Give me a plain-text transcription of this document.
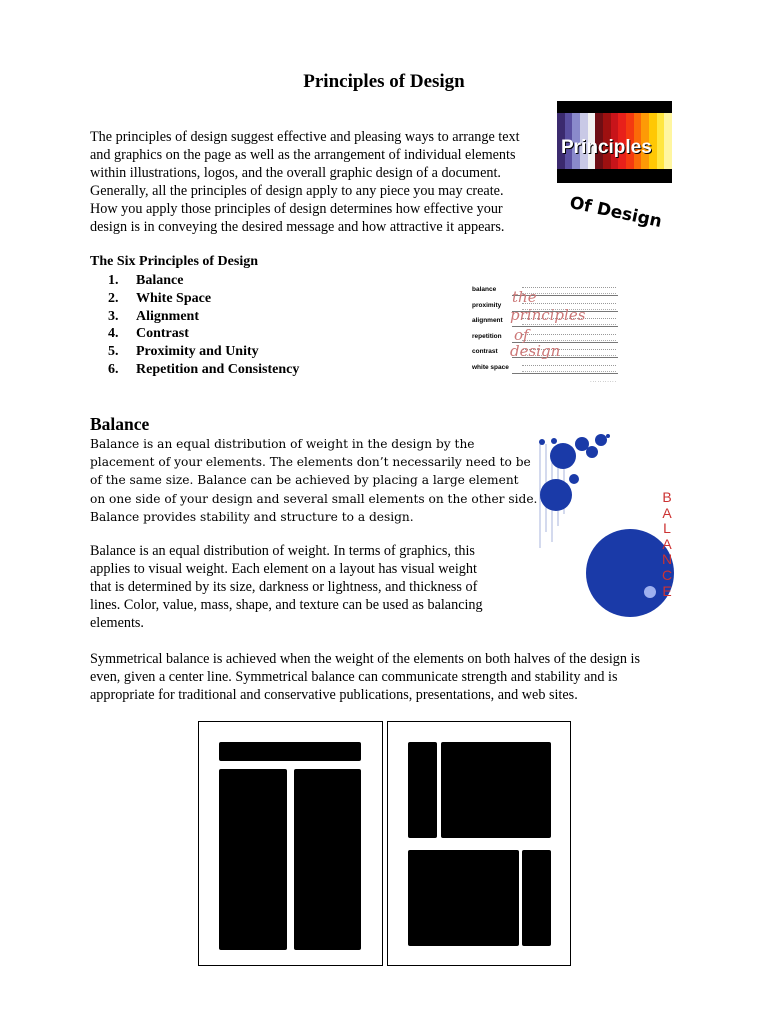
Principles of Design
The principles of design suggest effective and pleasing ways to arrange text
and graphics on the page as well as the arrangement of individual elements
within illustrations, logos, and the overall graphic design of a document.
Generally, all the principles of design apply to any piece you may create.
How you apply those principles of design determines how effective your
design is in conveying the desired message and how attractive it appears.
Principles
Of Design
The Six Principles of Design
1. Balance
2. White Space
3. Alignment
4. Contrast
5. Proximity and Unity
6. Repetition and Consistency
· · · · · · · · · · ·
balance
proximity
alignment
repetition
contrast
white space
the
principles
of
design
Balance
Balance is an equal distribution of weight in the design by the
placement of your elements. The elements don’t necessarily need to be
of the same size. Balance can be achieved by placing a large element
on one side of your design and several small elements on the other side.
Balance provides stability and structure to a design.
Balance is an equal distribution of weight. In terms of graphics, this
applies to visual weight. Each element on a layout has visual weight
that is determined by its size, darkness or lightness, and thickness of
lines. Color, value, mass, shape, and texture can be used as balancing
elements.
B
A
L
A
N
C
E
Symmetrical balance is achieved when the weight of the elements on both halves of the design is
even, given a center line. Symmetrical balance can communicate strength and stability and is
appropriate for traditional and conservative publications, presentations, and web sites.
